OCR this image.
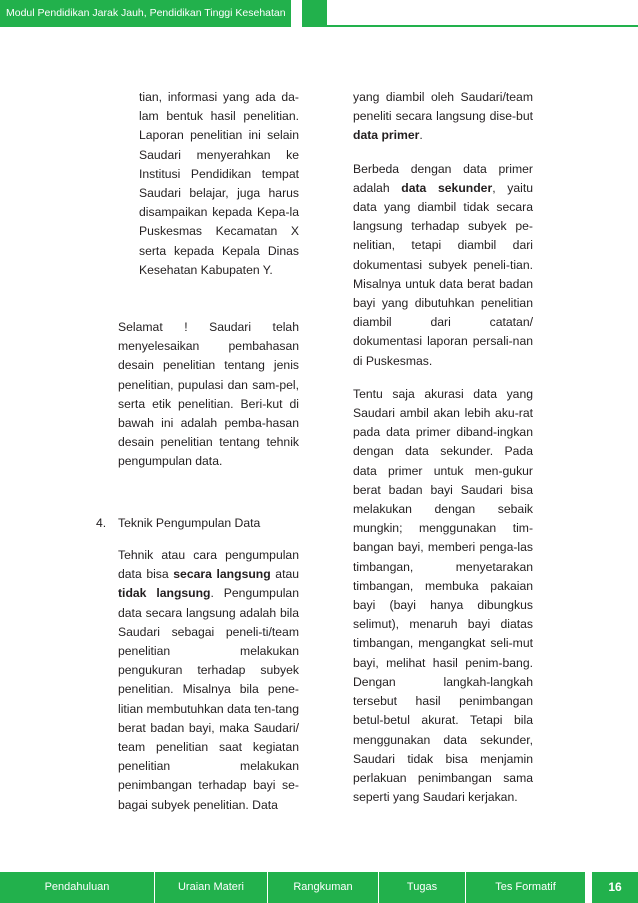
Modul Pendidikan Jarak Jauh, Pendidikan Tinggi Kesehatan

tian, informasi yang ada da-lam bentuk hasil penelitian. Laporan penelitian ini selain Saudari menyerahkan ke Institusi Pendidikan tempat Saudari belajar, juga harus disampaikan kepada Kepa-la Puskesmas Kecamatan X serta kepada Kepala Dinas Kesehatan Kabupaten Y.

Selamat ! Saudari telah menyelesaikan pembahasan desain penelitian tentang jenis penelitian, pupulasi dan sam-pel, serta etik penelitian. Beri-kut di bawah ini adalah pemba-hasan desain penelitian tentang tehnik pengumpulan data.

4. Teknik Pengumpulan Data

Tehnik atau cara pengumpulan data bisa secara langsung atau tidak langsung. Pengumpulan data secara langsung adalah bila Saudari sebagai peneli-ti/team penelitian melakukan pengukuran terhadap subyek penelitian. Misalnya bila pene-litian membutuhkan data ten-tang berat badan bayi, maka Saudari/ team penelitian saat kegiatan penelitian melakukan penimbangan terhadap bayi se-bagai subyek penelitian. Data

yang diambil oleh Saudari/team peneliti secara langsung dise-but data primer.

Berbeda dengan data primer adalah data sekunder, yaitu data yang diambil tidak secara langsung terhadap subyek pe-nelitian, tetapi diambil dari dokumentasi subyek peneli-tian. Misalnya untuk data berat badan bayi yang dibutuhkan penelitian diambil dari catatan/ dokumentasi laporan persali-nan di Puskesmas.

Tentu saja akurasi data yang Saudari ambil akan lebih aku-rat pada data primer diband-ingkan dengan data sekunder. Pada data primer untuk men-gukur berat badan bayi Saudari bisa melakukan dengan sebaik mungkin; menggunakan tim-bangan bayi, memberi penga-las timbangan, menyetarakan timbangan, membuka pakaian bayi (bayi hanya dibungkus selimut), menaruh bayi diatas timbangan, mengangkat seli-mut bayi, melihat hasil penim-bang. Dengan langkah-langkah tersebut hasil penimbangan betul-betul akurat. Tetapi bila menggunakan data sekunder, Saudari tidak bisa menjamin perlakuan penimbangan sama seperti yang Saudari kerjakan.

Pendahuluan	Uraian Materi	Rangkuman	Tugas	Tes Formatif	16
